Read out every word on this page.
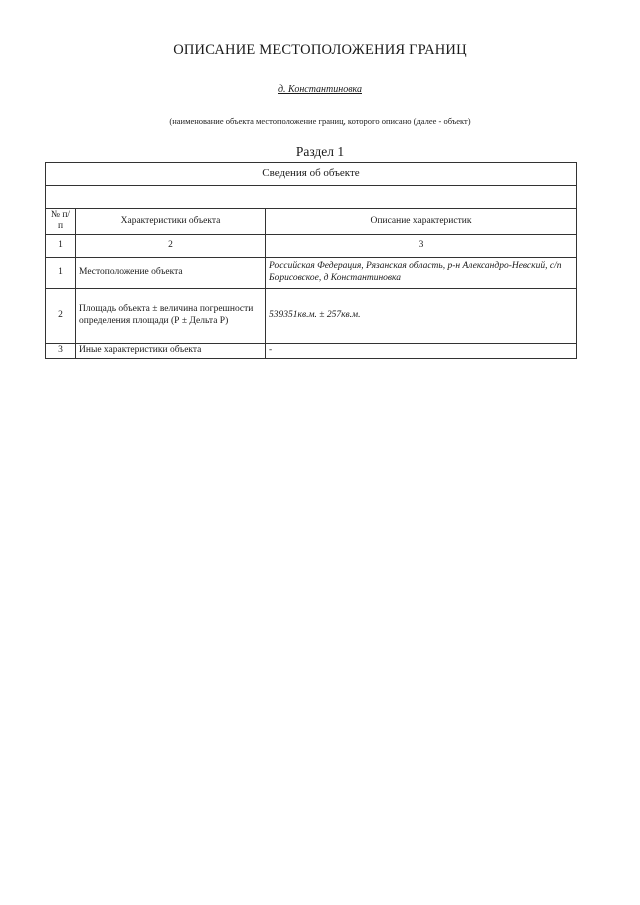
ОПИСАНИЕ МЕСТОПОЛОЖЕНИЯ ГРАНИЦ
д. Константиновка
(наименование объекта местоположение границ, которого описано (далее - объект)
Раздел 1
Сведения об объекте		

№ п/п	Характеристики объекта	Описание характеристик
1	2	3
1	Местоположение объекта	Российская Федерация, Рязанская область, р-н Александро-Невский, с/п Борисовское, д Константиновка
2	Площадь объекта ± величина погрешности определения площади (Р ± Дельта Р)	539351кв.м. ± 257кв.м.
3	Иные характеристики объекта	-
